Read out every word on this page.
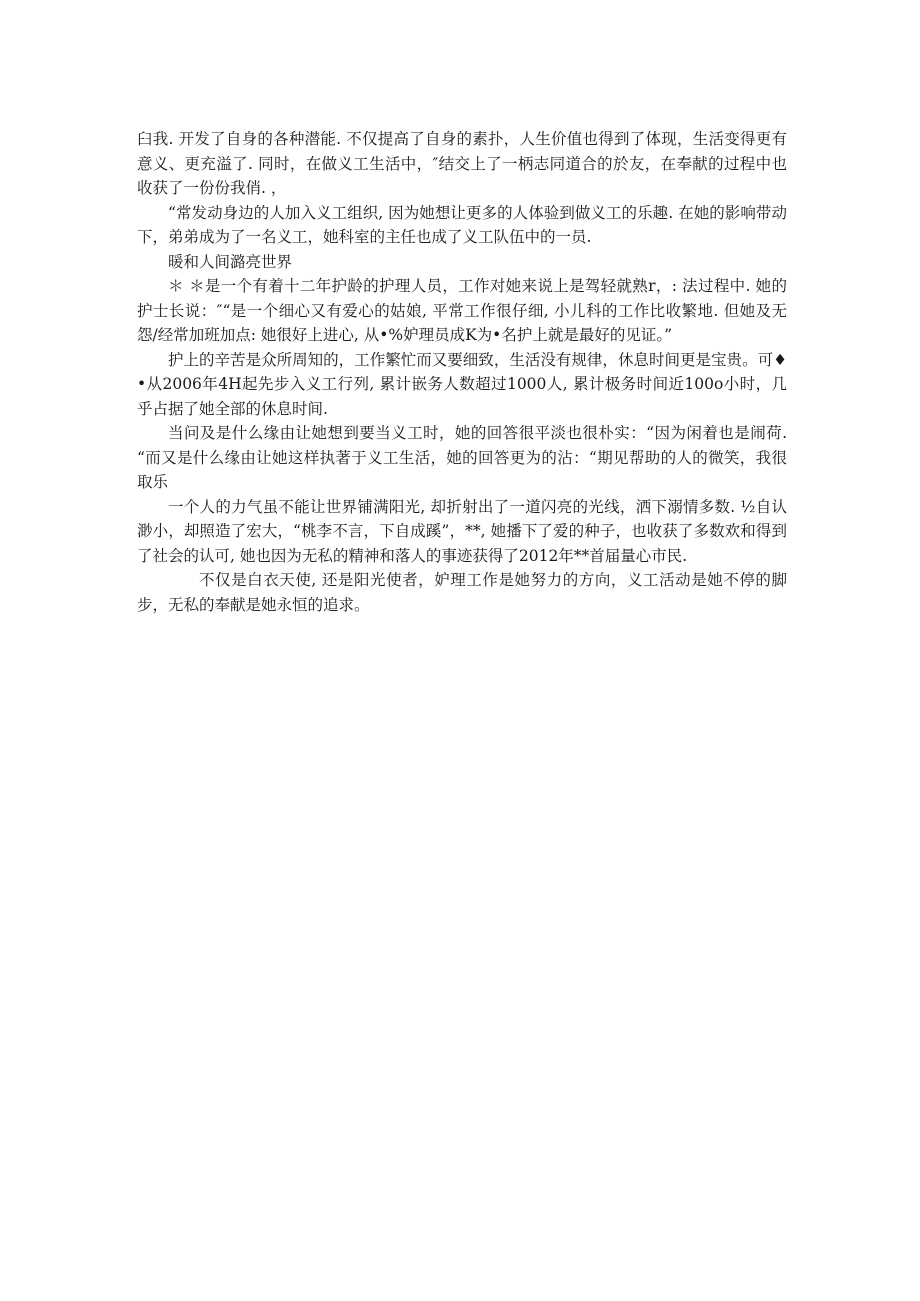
臼我. 开发了自身的各种潜能. 不仅提高了自身的素扑，人生价值也得到了体现，生活变得更有意义、更充溢了. 同时，在做义工生活中，″结交上了一柄志同道合的於友，在奉献的过程中也收获了一份份我俏. ，

“常发动身边的人加入义工组织, 因为她想让更多的人体验到做义工的乐趣. 在她的影响带动下，弟弟成为了一名义工，她科室的主任也成了义工队伍中的一员.

暖和人间潞亮世界

＊ ＊是一个有着十二年护龄的护理人员，工作对她来说上是驾轻就熟r，: 法过程中. 她的护士长说：″“是一个细心又有爱心的姑娘, 平常工作很仔细, 小儿科的工作比收繁地. 但她及无怨/经常加班加点: 她很好上进心, 从•%妒理员成K为•名护上就是最好的见证。”

护上的辛苦是众所周知的，工作繁忙而又要细致，生活没有规律，休息时间更是宝贵。可♦•从2006年4H起先步入义工行列, 累计嵌务人数超过1000人, 累计极务时间近100o小时，几乎占据了她全部的休息时间.

当问及是什么缘由让她想到要当义工时，她的回答很平淡也很朴实：“因为闲着也是闹荷. “而又是什么缘由让她这样执著于义工生活，她的回答更为的沾：“期见帮助的人的微笑，我很取乐

一个人的力气虽不能让世界铺满阳光, 却折射出了一道闪亮的光线，洒下溺情多数. ½自认渺小，却照造了宏大，“桃李不言，下自成蹊”，**, 她播下了爱的种子，也收获了多数欢和得到了社会的认可, 她也因为无私的精神和落人的事迹获得了2012年**首届量心市民.

不仅是白衣天使, 还是阳光使者，妒理工作是她努力的方向，义工活动是她不停的脚步，无私的奉献是她永恒的追求。
